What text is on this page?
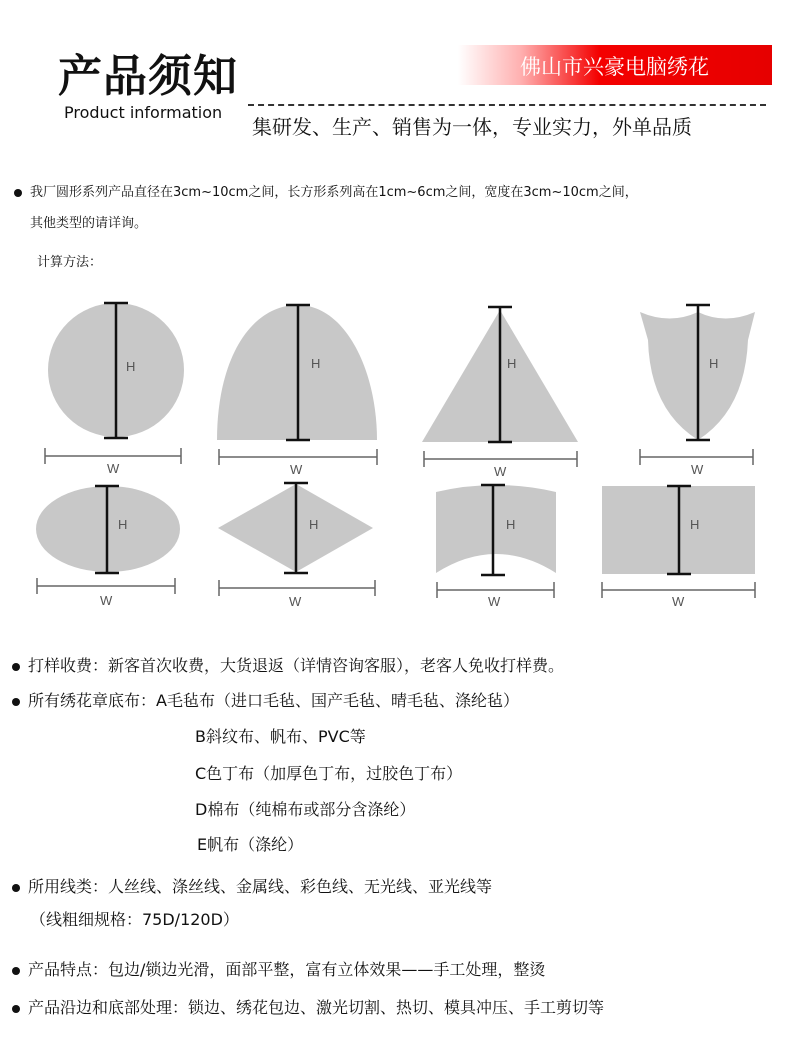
产品须知	佛山市兴豪电脑绣花
Product information
集研发、生产、销售为一体，专业实力，外单品质
我厂圆形系列产品直径在3cm~10cm之间，长方形系列高在1cm~6cm之间，宽度在3cm~10cm之间，
其他类型的请详询。
计算方法：
H	H	H	H
H	H	H	H
W	W	W	W
W	W	W	W
打样收费：新客首次收费，大货退返（详情咨询客服），老客人免收打样费。
所有绣花章底布：A毛毡布（进口毛毡、国产毛毡、晴毛毡、涤纶毡）
B斜纹布、帆布、PVC等
C色丁布（加厚色丁布，过胶色丁布）
D棉布（纯棉布或部分含涤纶）
E帆布（涤纶）
所用线类：人丝线、涤丝线、金属线、彩色线、无光线、亚光线等
（线粗细规格：75D/120D）
产品特点：包边/锁边光滑，面部平整，富有立体效果——手工处理，整烫
产品沿边和底部处理：锁边、绣花包边、激光切割、热切、模具冲压、手工剪切等
